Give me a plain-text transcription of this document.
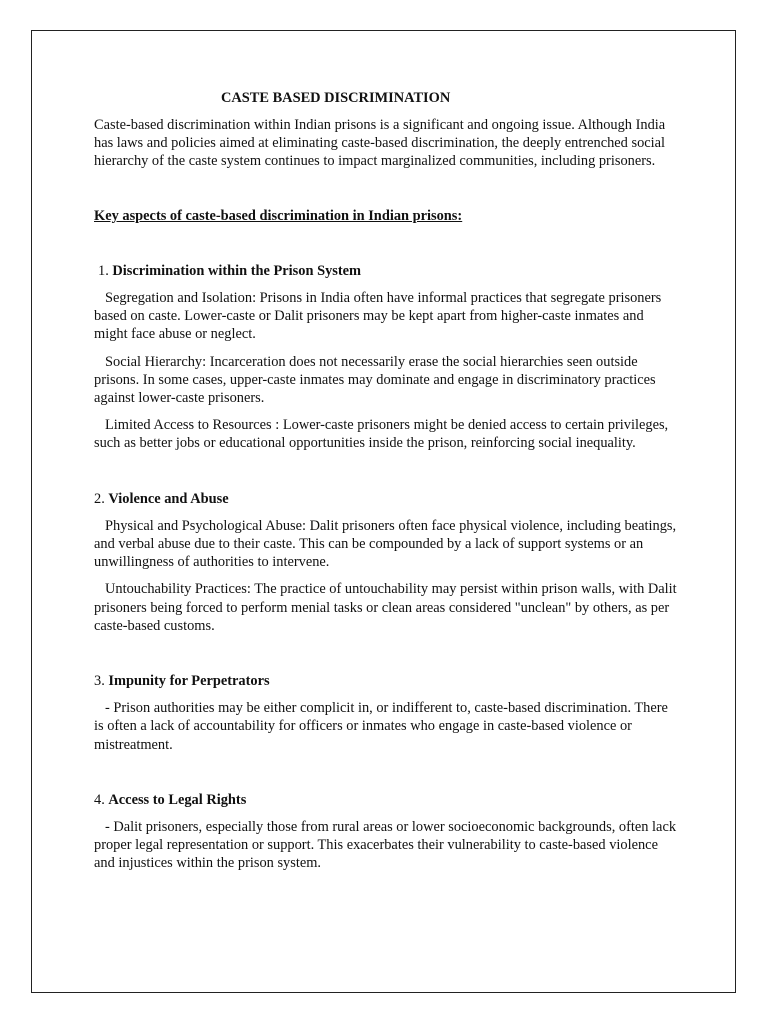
CASTE BASED DISCRIMINATION

Caste-based discrimination within Indian prisons is a significant and ongoing issue. Although India has laws and policies aimed at eliminating caste-based discrimination, the deeply entrenched social hierarchy of the caste system continues to impact marginalized communities, including prisoners.

Key aspects of caste-based discrimination in Indian prisons:

1. Discrimination within the Prison System

Segregation and Isolation: Prisons in India often have informal practices that segregate prisoners based on caste. Lower-caste or Dalit prisoners may be kept apart from higher-caste inmates and might face abuse or neglect.

Social Hierarchy: Incarceration does not necessarily erase the social hierarchies seen outside prisons. In some cases, upper-caste inmates may dominate and engage in discriminatory practices against lower-caste prisoners.

Limited Access to Resources : Lower-caste prisoners might be denied access to certain privileges, such as better jobs or educational opportunities inside the prison, reinforcing social inequality.

2. Violence and Abuse

Physical and Psychological Abuse: Dalit prisoners often face physical violence, including beatings, and verbal abuse due to their caste. This can be compounded by a lack of support systems or an unwillingness of authorities to intervene.

Untouchability Practices: The practice of untouchability may persist within prison walls, with Dalit prisoners being forced to perform menial tasks or clean areas considered "unclean" by others, as per caste-based customs.

3. Impunity for Perpetrators

- Prison authorities may be either complicit in, or indifferent to, caste-based discrimination. There is often a lack of accountability for officers or inmates who engage in caste-based violence or mistreatment.

4. Access to Legal Rights

- Dalit prisoners, especially those from rural areas or lower socioeconomic backgrounds, often lack proper legal representation or support. This exacerbates their vulnerability to caste-based violence and injustices within the prison system.
